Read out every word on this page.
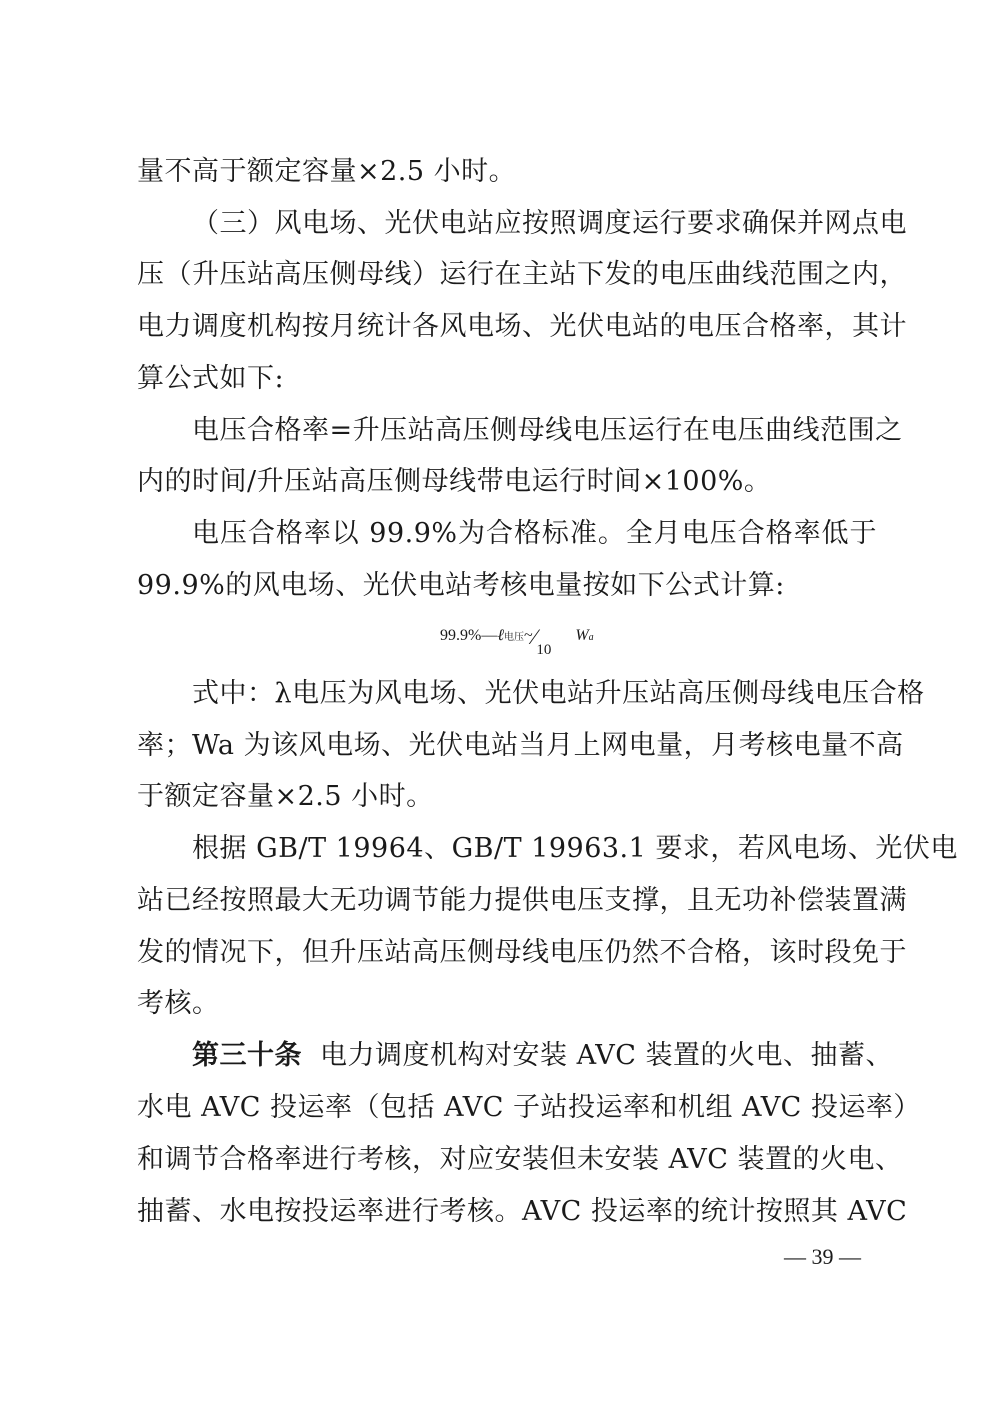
量不高于额定容量×2.5 小时。
（三）风电场、光伏电站应按照调度运行要求确保并网点电
压（升压站高压侧母线）运行在主站下发的电压曲线范围之内，
电力调度机构按月统计各风电场、光伏电站的电压合格率，其计
算公式如下:
电压合格率=升压站高压侧母线电压运行在电压曲线范围之
内的时间/升压站高压侧母线带电运行时间×100%。
电压合格率以 99.9%为合格标准。全月电压合格率低于
99.9%的风电场、光伏电站考核电量按如下公式计算:
99.9%—ℓ电压~⁄10 Wa
式中：λ电压为风电场、光伏电站升压站高压侧母线电压合格
率；Wa 为该风电场、光伏电站当月上网电量，月考核电量不高
于额定容量×2.5 小时。
根据 GB/T 19964、GB/T 19963.1 要求，若风电场、光伏电
站已经按照最大无功调节能力提供电压支撑，且无功补偿装置满
发的情况下，但升压站高压侧母线电压仍然不合格，该时段免于
考核。
第三十条 电力调度机构对安装 AVC 装置的火电、抽蓄、
水电 AVC 投运率（包括 AVC 子站投运率和机组 AVC 投运率）
和调节合格率进行考核，对应安装但未安装 AVC 装置的火电、
抽蓄、水电按投运率进行考核。AVC 投运率的统计按照其 AVC
— 39 —
